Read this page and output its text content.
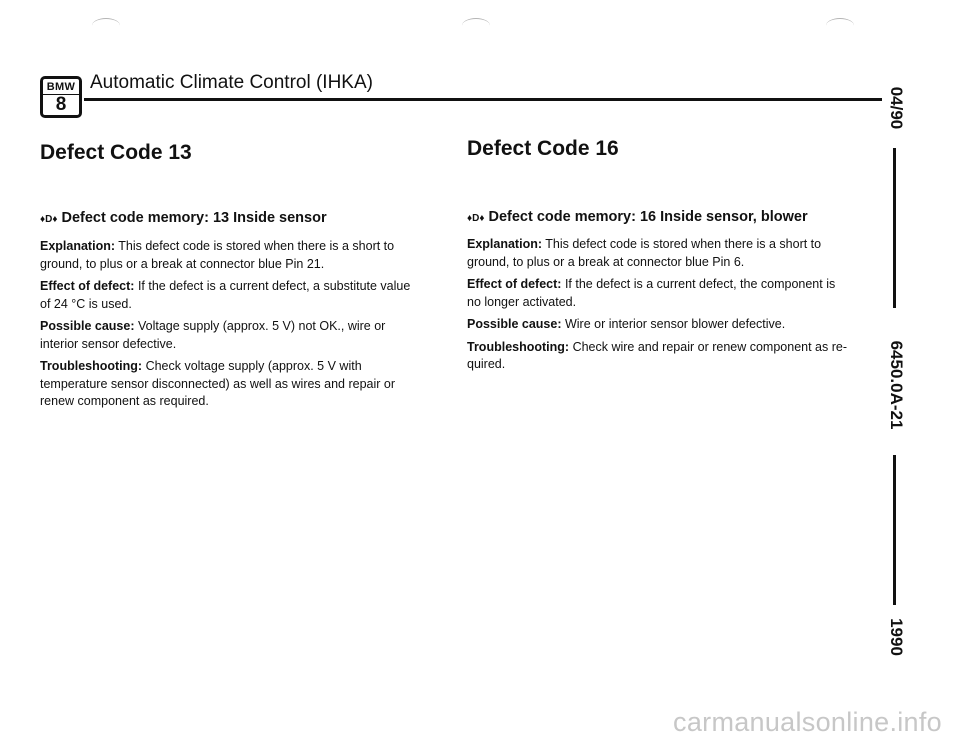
BMW
8
Automatic Climate Control (IHKA)
04/90
6450.0A-21
1990
Defect Code 13
♦D♦ Defect code memory: 13 Inside sensor

Explanation: This defect code is stored when there is a short to ground, to plus or a break at connector blue Pin 21.

Effect of defect: If the defect is a current defect, a substitute value of 24 °C is used.

Possible cause: Voltage supply (approx. 5 V) not OK., wire or interior sensor defective.

Troubleshooting: Check voltage supply (approx. 5 V with temperature sensor disconnected) as well as wires and repair or renew component as required.

Defect Code 16
♦D♦ Defect code memory: 16 Inside sensor, blower

Explanation: This defect code is stored when there is a short to ground, to plus or a break at connector blue Pin 6.

Effect of defect: If the defect is a current defect, the component is no longer activated.

Possible cause: Wire or interior sensor blower defective.

Troubleshooting: Check wire and repair or renew component as re-quired.

carmanualsonline.info
